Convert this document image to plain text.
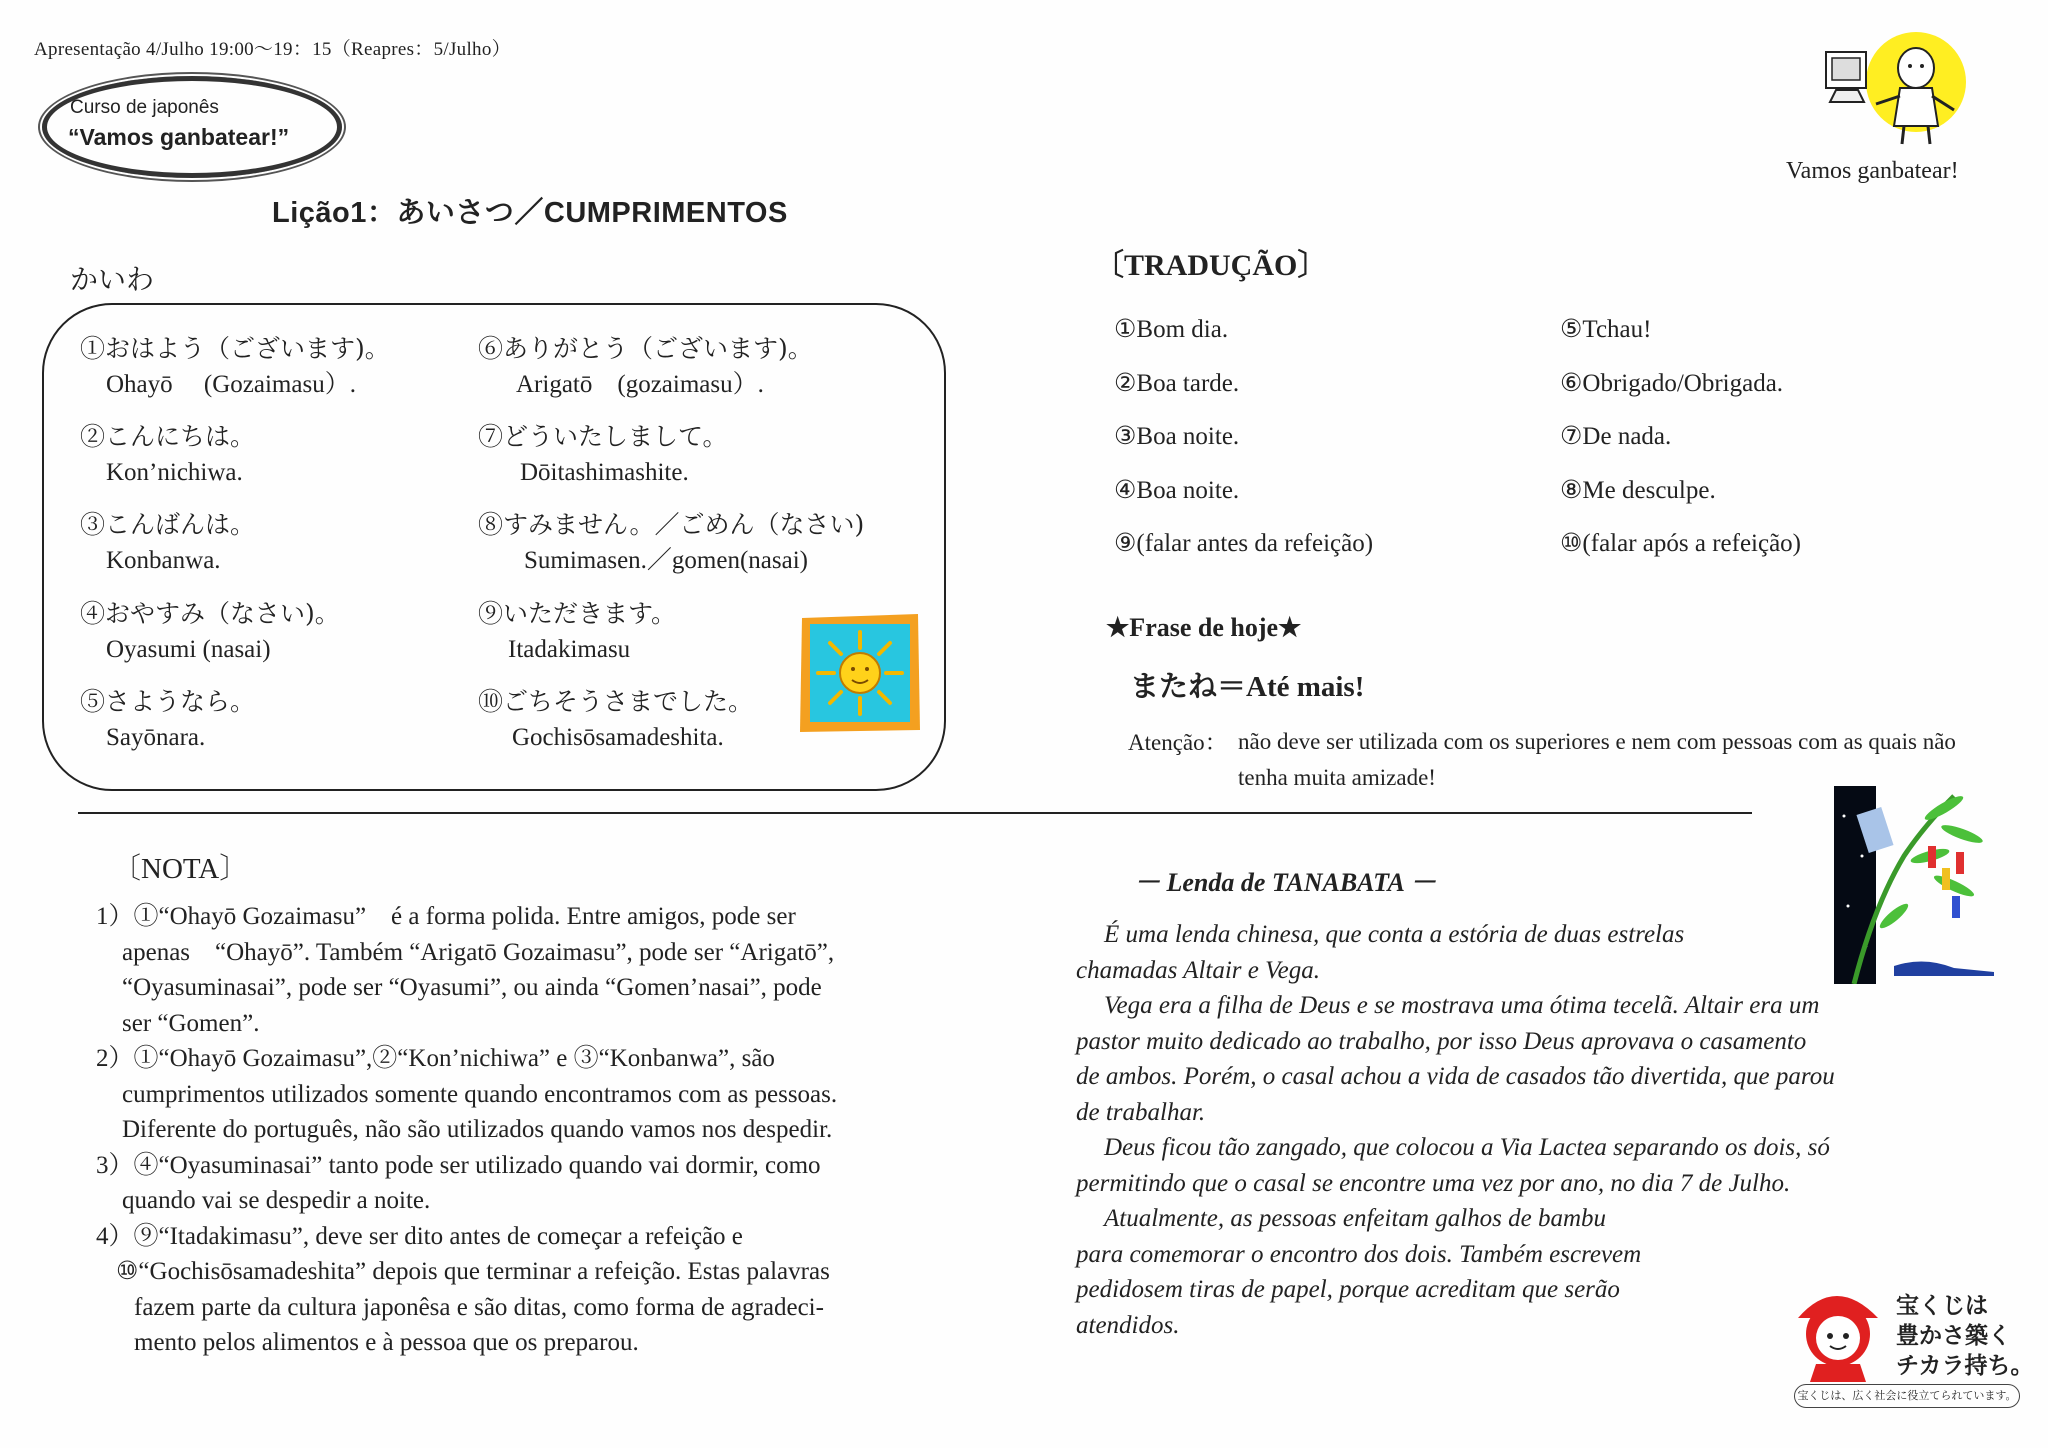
Apresentação 4/Julho 19:00〜19：15（Reapres：5/Julho）
Curso de japonês
“Vamos ganbatear!”
Lição1：あいさつ／CUMPRIMENTOS
Vamos ganbatear!
かいわ
①おはよう（ございます)。
Ohayō　 (Gozaimasu）.
②こんにちは。
Kon’nichiwa.
③こんばんは。
Konbanwa.
④おやすみ（なさい)。
Oyasumi (nasai)
⑤さようなら。
Sayōnara.
⑥ありがとう（ございます)。
Arigatō　(gozaimasu）.
⑦どういたしまして。
Dōitashimashite.
⑧すみません。／ごめん（なさい)
Sumimasen.／gomen(nasai)
⑨いただきます。
Itadakimasu
⑩ごちそうさまでした。
Gochisōsamadeshita.
〔TRADUÇÃO〕
①Bom dia.
②Boa tarde.
③Boa noite.
④Boa noite.
⑨(falar antes da refeição)
⑤Tchau!
⑥Obrigado/Obrigada.
⑦De nada.
⑧Me desculpe.
⑩(falar após a refeição)
★Frase de hoje★
またね＝Até mais!
Atenção： não deve ser utilizada com os superiores e nem com pessoas com as quais não tenha muita amizade!
〔NOTA〕
1）①“Ohayō Gozaimasu”　é a forma polida. Entre amigos, pode ser
apenas　“Ohayō”. Também “Arigatō Gozaimasu”, pode ser “Arigatō”,
“Oyasuminasai”, pode ser “Oyasumi”, ou ainda “Gomen’nasai”, pode
ser “Gomen”.
2）①“Ohayō Gozaimasu”,②“Kon’nichiwa” e ③“Konbanwa”, são
cumprimentos utilizados somente quando encontramos com as pessoas.
Diferente do português, não são utilizados quando vamos nos despedir.
3）④“Oyasuminasai” tanto pode ser utilizado quando vai dormir, como
quando vai se despedir a noite.
4）⑨“Itadakimasu”, deve ser dito antes de começar a refeição e
⑩“Gochisōsamadeshita” depois que terminar a refeição. Estas palavras
fazem parte da cultura japonêsa e são ditas, como forma de agradeci-
mento pelos alimentos e à pessoa que os preparou.
－ Lenda de TANABATA －
É uma lenda chinesa, que conta a estória de duas estrelas
chamadas Altair e Vega.
Vega era a filha de Deus e se mostrava uma ótima tecelã. Altair era um
pastor muito dedicado ao trabalho, por isso Deus aprovava o casamento
de ambos. Porém, o casal achou a vida de casados tão divertida, que parou
de trabalhar.
Deus ficou tão zangado, que colocou a Via Lactea separando os dois, só
permitindo que o casal se encontre uma vez por ano, no dia 7 de Julho.
Atualmente, as pessoas enfeitam galhos de bambu
para comemorar o encontro dos dois. Também escrevem
pedidosem tiras de papel, porque acreditam que serão
atendidos.
宝くじは
豊かさ築く
チカラ持ち。
宝くじは、広く社会に役立てられています。
